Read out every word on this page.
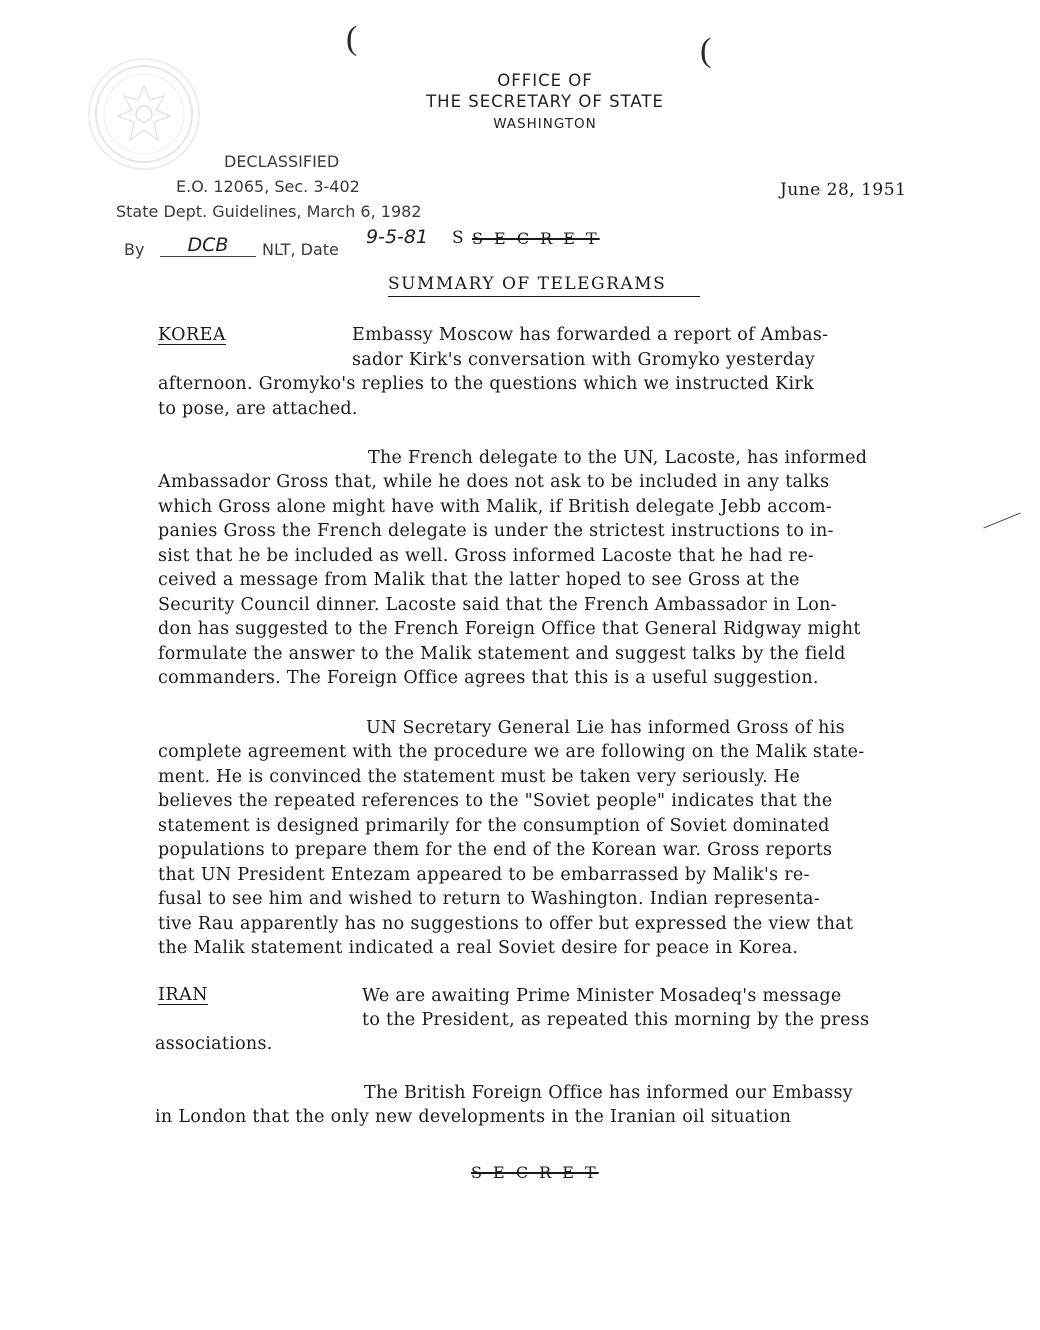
(	(
OFFICE OF
THE SECRETARY OF STATE
WASHINGTON
DECLASSIFIED
E.O. 12065, Sec. 3-402
State Dept. Guidelines, March 6, 1982
By	DCB	NLT, Date
9-5-81
June 28, 1951
S S E C R E T
SUMMARY OF TELEGRAMS
KOREA	Embassy Moscow has forwarded a report of Ambas-
sador Kirk's conversation with Gromyko yesterday
afternoon. Gromyko's replies to the questions which we instructed Kirk
to pose, are attached.
The French delegate to the UN, Lacoste, has informed
Ambassador Gross that, while he does not ask to be included in any talks
which Gross alone might have with Malik, if British delegate Jebb accom-
panies Gross the French delegate is under the strictest instructions to in-
sist that he be included as well. Gross informed Lacoste that he had re-
ceived a message from Malik that the latter hoped to see Gross at the
Security Council dinner. Lacoste said that the French Ambassador in Lon-
don has suggested to the French Foreign Office that General Ridgway might
formulate the answer to the Malik statement and suggest talks by the field
commanders. The Foreign Office agrees that this is a useful suggestion.
UN Secretary General Lie has informed Gross of his
complete agreement with the procedure we are following on the Malik state-
ment. He is convinced the statement must be taken very seriously. He
believes the repeated references to the "Soviet people" indicates that the
statement is designed primarily for the consumption of Soviet dominated
populations to prepare them for the end of the Korean war. Gross reports
that UN President Entezam appeared to be embarrassed by Malik's re-
fusal to see him and wished to return to Washington. Indian representa-
tive Rau apparently has no suggestions to offer but expressed the view that
the Malik statement indicated a real Soviet desire for peace in Korea.
IRAN	We are awaiting Prime Minister Mosadeq's message
to the President, as repeated this morning by the press
associations.
The British Foreign Office has informed our Embassy
in London that the only new developments in the Iranian oil situation
S E C R E T
